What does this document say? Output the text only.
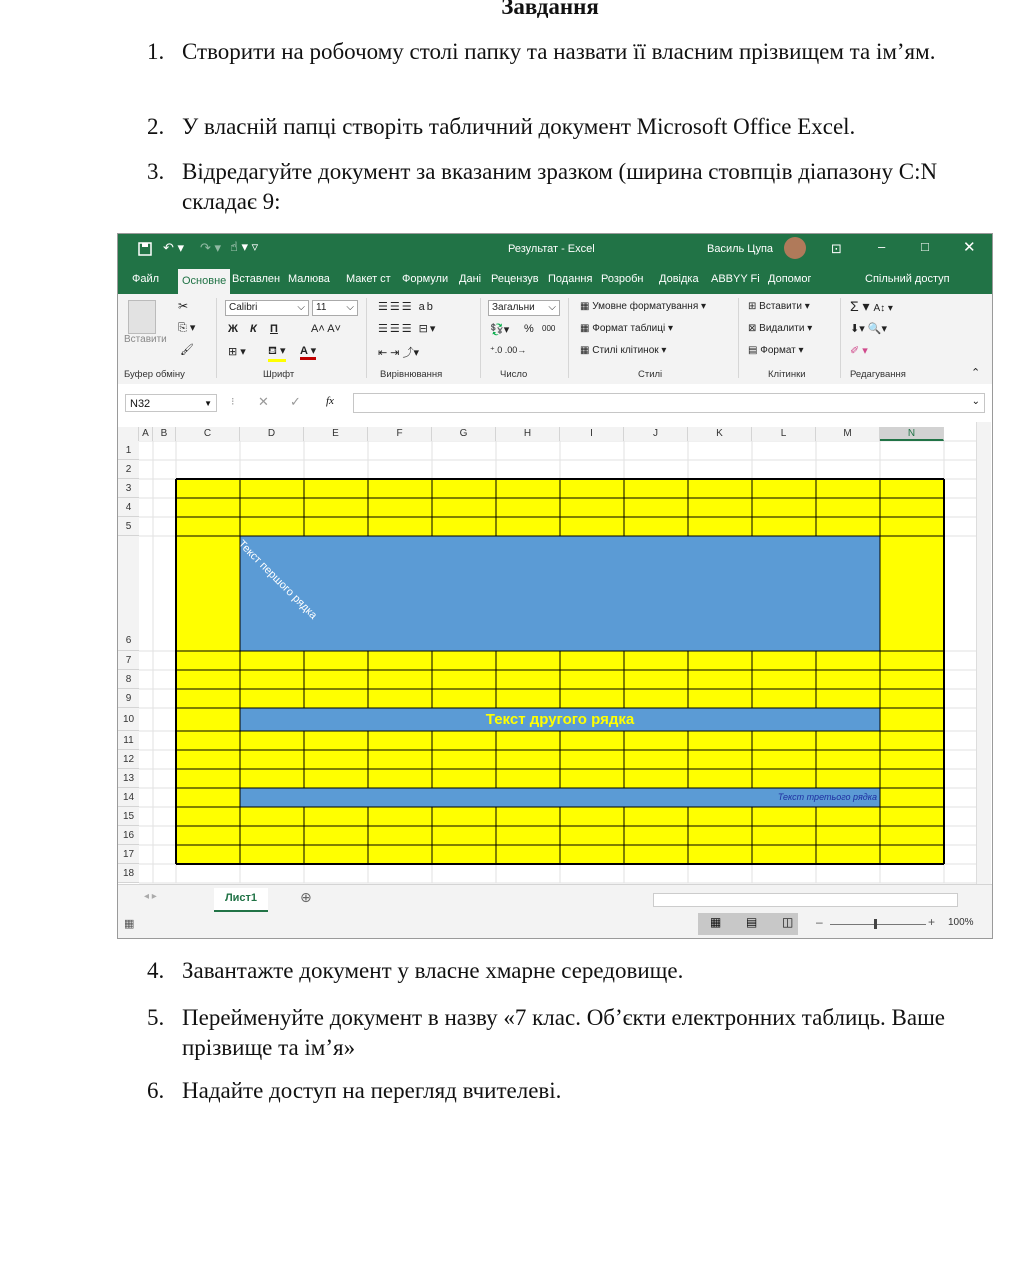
Завдання
1. Створити на робочому столі папку та назвати її власним прізвищем та ім’ям.
2. У власній папці створіть табличний документ Microsoft Office Excel.
3. Відредагуйте документ за вказаним зразком (ширина стовпців діапазону C:N складає 9:
4. Завантажте документ у власне хмарне середовище.
5. Перейменуйте документ в назву «7 клас. Об’єкти електронних таблиць. Ваше прізвище та ім’я»
6. Надайте доступ на перегляд вчителеві.
↶ ▾ ↷ ▾ ☝ ▾ ▿	Результат - Excel	Василь Цупа	⊡	–	□ ✕
Файл	Основне Вставлен Малюва Макет ст Формули Дані Рецензув Подання Розробн Довідка ABBYY Fi Допомог	Спільний доступ
Вставити
✂
⎘ ▾
🖌
Calibri	⌵	11 ⌵
Ж К П	A˄ A˅
⊞ ▾ ⛾ ▾ A ▾
☰☰☰ ab
☰☰☰ ⊟▾
⇤ ⇥ ⤴▾
Загальни ⌵
💱▾ % 000
⁺.0 .00→
▦ Умовне форматування ▾
▦ Формат таблиці ▾
▦ Стилі клітинок ▾
⊞ Вставити ▾
⊠ Видалити ▾
▤ Формат ▾
Σ ▾ A↕ ▾
⬇▾ 🔍▾
✐ ▾
⌃
Буфер обміну	Шрифт	Вирівнювання	Число	Стилі	Клітинки	Редагування
N32	▼ ⁝ ✕ ✓ fx	⌄
A	B	C	D	E	F	G	H	I	J	K	L	M	N
1
2
3
4
5
6
7
8
9
10
11
12
13
14
15
16
17
18
Текст першого рядка
Текст другого рядка
Текст третього рядка
◂ ▸	Лист1	⊕
▦	▦ ▤ ◫ –	+ 100%
